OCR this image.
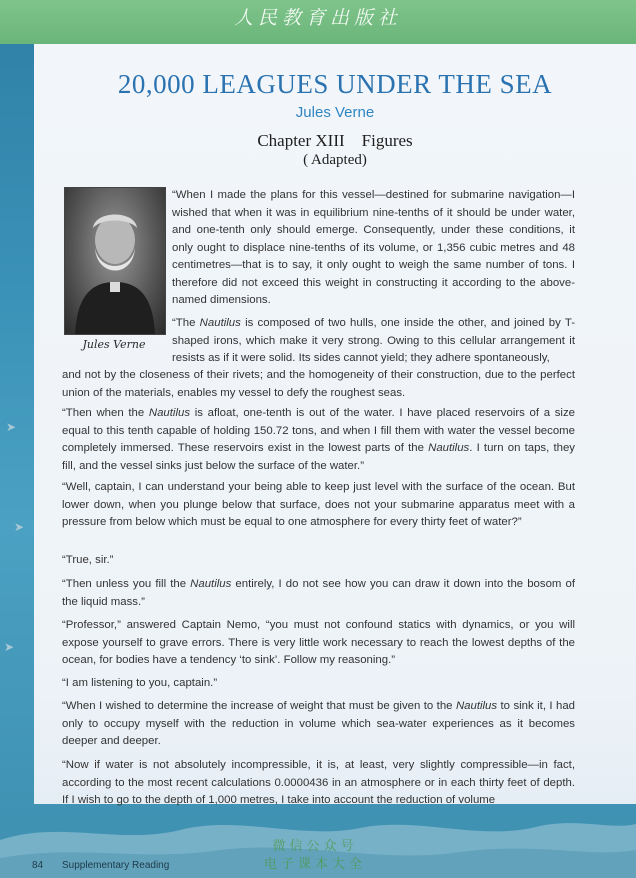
人民教育出版社
➤
➤
➤
20,000 LEAGUES UNDER THE SEA
Jules Verne
Chapter XIII Figures
( Adapted)
Jules Verne

“When I made the plans for this vessel—destined for submarine navigation—I wished that when it was in equilibrium nine-tenths of it should be under water, and one-tenth only should emerge. Consequently, under these conditions, it only ought to displace nine-tenths of its volume, or 1,356 cubic metres and 48 centimetres—that is to say, it only ought to weigh the same number of tons. I therefore did not exceed this weight in constructing it according to the above-named dimensions.

“The Nautilus is composed of two hulls, one inside the other, and joined by T-shaped irons, which make it very strong. Owing to this cellular arrangement it resists as if it were solid. Its sides cannot yield; they adhere spontaneously,

and not by the closeness of their rivets; and the homogeneity of their construction, due to the perfect union of the materials, enables my vessel to defy the roughest seas.

“Then when the Nautilus is afloat, one-tenth is out of the water. I have placed reservoirs of a size equal to this tenth capable of holding 150.72 tons, and when I fill them with water the vessel become completely immersed. These reservoirs exist in the lowest parts of the Nautilus. I turn on taps, they fill, and the vessel sinks just below the surface of the water.”

“Well, captain, I can understand your being able to keep just level with the surface of the ocean. But lower down, when you plunge below that surface, does not your submarine apparatus meet with a pressure from below which must be equal to one atmosphere for every thirty feet of water?”

“True, sir.”

“Then unless you fill the Nautilus entirely, I do not see how you can draw it down into the bosom of the liquid mass.”

“Professor,” answered Captain Nemo, “you must not confound statics with dynamics, or you will expose yourself to grave errors. There is very little work necessary to reach the lowest depths of the ocean, for bodies have a tendency ‘to sink’. Follow my reasoning.”

“I am listening to you, captain.”

“When I wished to determine the increase of weight that must be given to the Nautilus to sink it, I had only to occupy myself with the reduction in volume which sea-water experiences as it becomes deeper and deeper.

“Now if water is not absolutely incompressible, it is, at least, very slightly compressible—in fact, according to the most recent calculations 0.0000436 in an atmosphere or in each thirty feet of depth. If I wish to go to the depth of 1,000 metres, I take into account the reduction of volume

微信公众号
电子课本大全
84 Supplementary Reading
